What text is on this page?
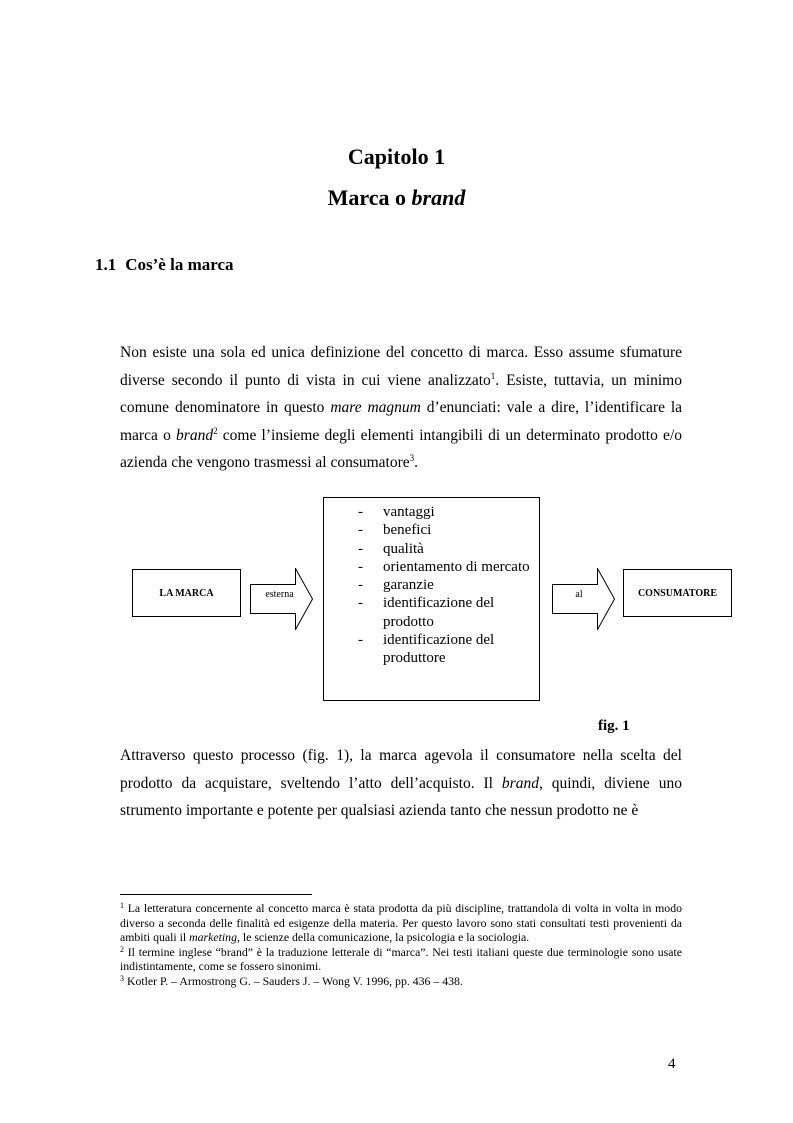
Capitolo 1
Marca o brand
1.1 Cos’è la marca
Non esiste una sola ed unica definizione del concetto di marca. Esso assume sfumature diverse secondo il punto di vista in cui viene analizzato$^1$. Esiste, tuttavia, un minimo comune denominatore in questo mare magnum d’enunciati: vale a dire, l’identificare la marca o brand$^2$ come l’insieme degli elementi intangibili di un determinato prodotto e/o azienda che vengono trasmessi al consumatore$^3$.
LA MARCA	esterna
- vantaggi
- benefici
- qualità
- orientamento di mercato
- garanzie
- identificazione del prodotto
- identificazione del produttore
al	CONSUMATORE
fig. 1
Attraverso questo processo (fig. 1), la marca agevola il consumatore nella scelta del prodotto da acquistare, sveltendo l’atto dell’acquisto. Il brand, quindi, diviene uno strumento importante e potente per qualsiasi azienda tanto che nessun prodotto ne è

$^1$ La letteratura concernente al concetto marca è stata prodotta da più discipline, trattandola di volta in volta in modo diverso a seconda delle finalità ed esigenze della materia. Per questo lavoro sono stati consultati testi provenienti da ambiti quali il marketing, le scienze della comunicazione, la psicologia e la sociologia.

$^2$ Il termine inglese “brand” è la traduzione letterale di “marca”. Nei testi italiani queste due terminologie sono usate indistintamente, come se fossero sinonimi.

$^3$ Kotler P. – Armostrong G. – Sauders J. – Wong V. 1996, pp. 436 – 438.

4
